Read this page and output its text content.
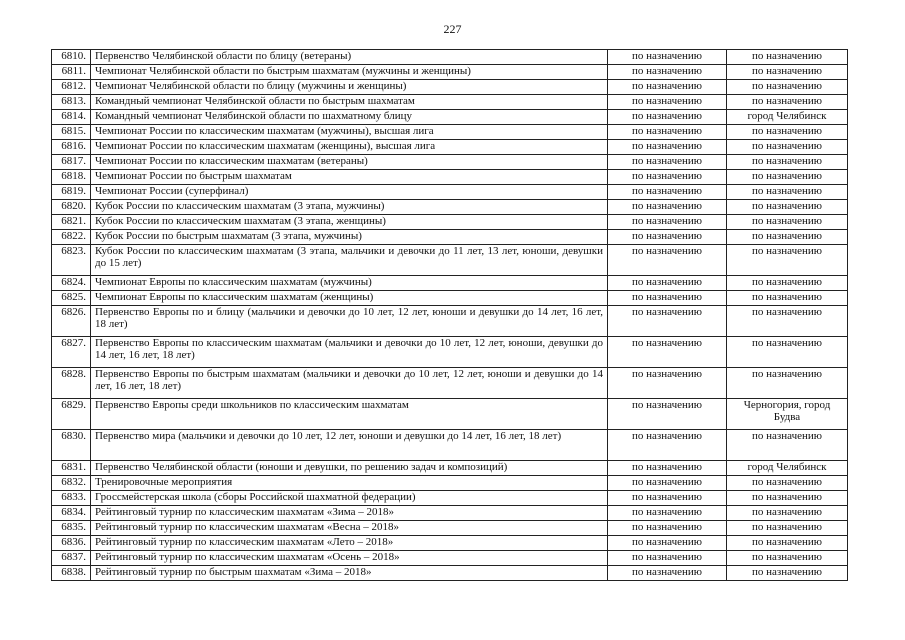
227
6810.	Первенство Челябинской области по блицу (ветераны)	по назначению	по назначению
6811.	Чемпионат Челябинской области по быстрым шахматам (мужчины и женщины)	по назначению	по назначению
6812.	Чемпионат Челябинской области по блицу (мужчины и женщины)	по назначению	по назначению
6813.	Командный чемпионат Челябинской области по быстрым шахматам	по назначению	по назначению
6814.	Командный чемпионат Челябинской области по шахматному блицу	по назначению	город Челябинск
6815.	Чемпионат России по классическим шахматам (мужчины), высшая лига	по назначению	по назначению
6816.	Чемпионат России по классическим шахматам (женщины), высшая лига	по назначению	по назначению
6817.	Чемпионат России по классическим шахматам (ветераны)	по назначению	по назначению
6818.	Чемпионат России по быстрым шахматам	по назначению	по назначению
6819.	Чемпионат России (суперфинал)	по назначению	по назначению
6820.	Кубок России по классическим шахматам (3 этапа, мужчины)	по назначению	по назначению
6821.	Кубок России по классическим шахматам (3 этапа, женщины)	по назначению	по назначению
6822.	Кубок России по быстрым шахматам (3 этапа, мужчины)	по назначению	по назначению
6823.	Кубок России по классическим шахматам (3 этапа, мальчики и девочки до 11 лет, 13 лет, юноши, девушки до 15 лет)	по назначению	по назначению
6824.	Чемпионат Европы по классическим шахматам (мужчины)	по назначению	по назначению
6825.	Чемпионат Европы по классическим шахматам (женщины)	по назначению	по назначению
6826.	Первенство Европы по и блицу (мальчики и девочки до 10 лет, 12 лет, юноши и девушки до 14 лет, 16 лет, 18 лет)	по назначению	по назначению
6827.	Первенство Европы по классическим шахматам (мальчики и девочки до 10 лет, 12 лет, юноши, девушки до 14 лет, 16 лет, 18 лет)	по назначению	по назначению
6828.	Первенство Европы по быстрым шахматам (мальчики и девочки до 10 лет, 12 лет, юноши и девушки до 14 лет, 16 лет, 18 лет)	по назначению	по назначению
6829.	Первенство Европы среди школьников по классическим шахматам	по назначению	Черногория, город Будва
6830.	Первенство мира (мальчики и девочки до 10 лет, 12 лет, юноши и девушки до 14 лет, 16 лет, 18 лет)	по назначению	по назначению
6831.	Первенство Челябинской области (юноши и девушки, по решению задач и композиций)	по назначению	город Челябинск
6832.	Тренировочные мероприятия	по назначению	по назначению
6833.	Гроссмейстерская школа (сборы Российской шахматной федерации)	по назначению	по назначению
6834.	Рейтинговый турнир по классическим шахматам «Зима – 2018»	по назначению	по назначению
6835.	Рейтинговый турнир по классическим шахматам «Весна – 2018»	по назначению	по назначению
6836.	Рейтинговый турнир по классическим шахматам «Лето – 2018»	по назначению	по назначению
6837.	Рейтинговый турнир по классическим шахматам «Осень – 2018»	по назначению	по назначению
6838.	Рейтинговый турнир по быстрым шахматам «Зима – 2018»	по назначению	по назначению
